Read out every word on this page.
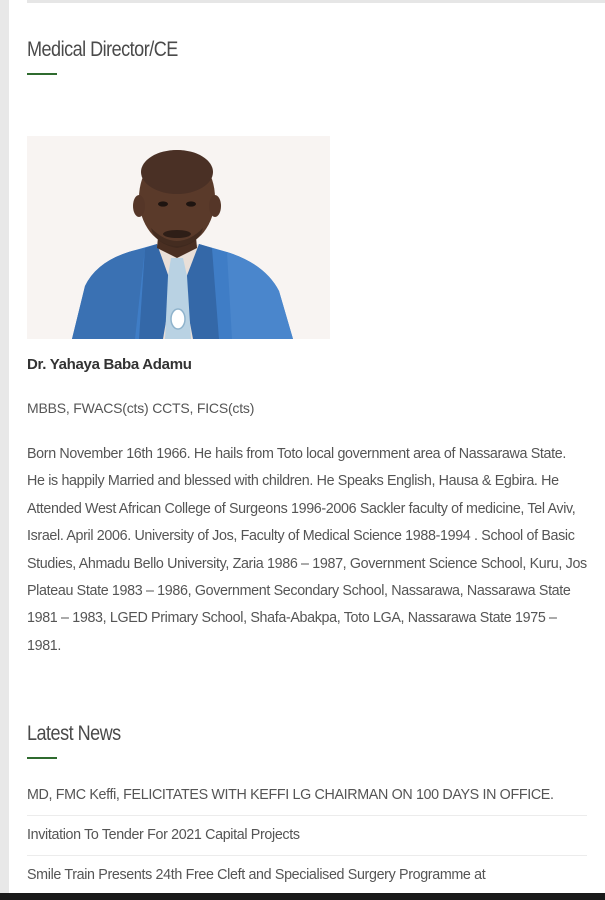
Medical Director/CE
Dr. Yahaya Baba Adamu
MBBS, FWACS(cts) CCTS, FICS(cts)

Born November 16th 1966. He hails from Toto local government area of Nassarawa State. He is happily Married and blessed with children. He Speaks English, Hausa & Egbira. He Attended West African College of Surgeons 1996-2006 Sackler faculty of medicine, Tel Aviv, Israel. April 2006. University of Jos, Faculty of Medical Science 1988-1994 . School of Basic Studies, Ahmadu Bello University, Zaria 1986 – 1987, Government Science School, Kuru, Jos Plateau State 1983 – 1986, Government Secondary School, Nassarawa, Nassarawa State 1981 – 1983, LGED Primary School, Shafa-Abakpa, Toto LGA, Nassarawa State 1975 – 1981.

Latest News
MD, FMC Keffi, FELICITATES WITH KEFFI LG CHAIRMAN ON 100 DAYS IN OFFICE.
Invitation To Tender For 2021 Capital Projects
Smile Train Presents 24th Free Cleft and Specialised Surgery Programme at
